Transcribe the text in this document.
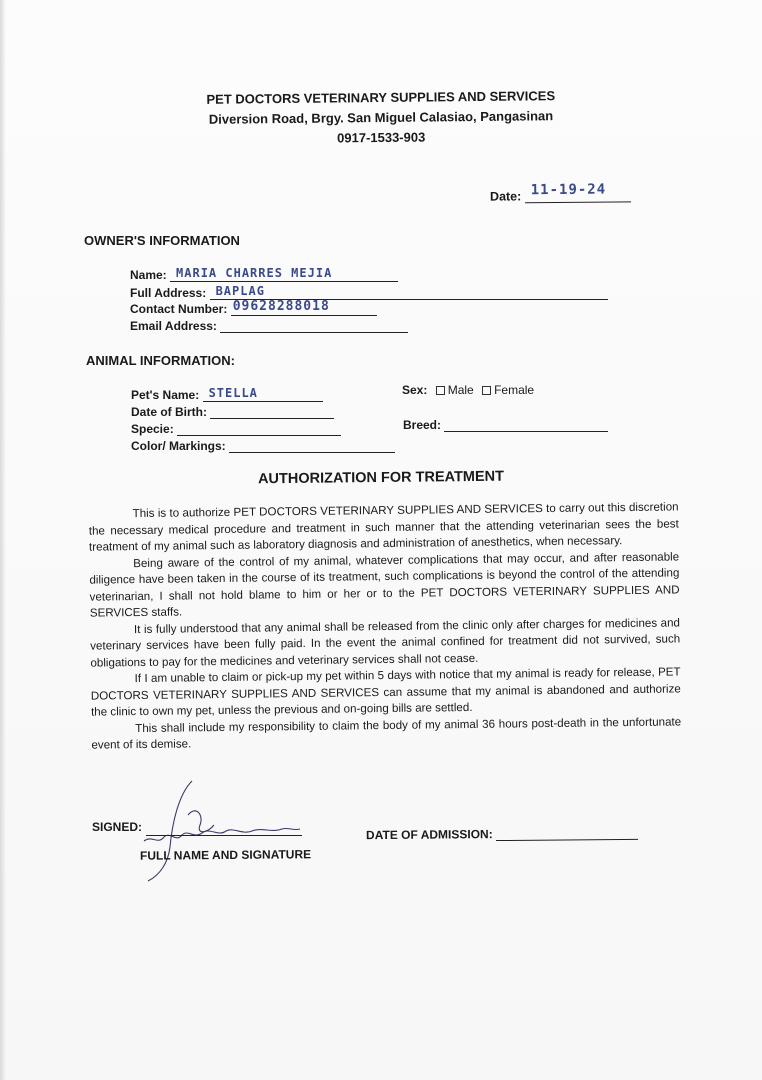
PET DOCTORS VETERINARY SUPPLIES AND SERVICES
Diversion Road, Brgy. San Miguel Calasiao, Pangasinan
0917-1533-903
Date: 11-19-24
OWNER'S INFORMATION
Name: MARIA CHARRES MEJIA
Full Address: BAPLAG
Contact Number: 09628288018
Email Address:
ANIMAL INFORMATION:
Pet's Name: STELLA
Date of Birth:
Specie:
Color/ Markings:
Sex: Male Female
Breed:
AUTHORIZATION FOR TREATMENT

This is to authorize PET DOCTORS VETERINARY SUPPLIES AND SERVICES to carry out this discretion the necessary medical procedure and treatment in such manner that the attending veterinarian sees the best treatment of my animal such as laboratory diagnosis and administration of anesthetics, when necessary.

Being aware of the control of my animal, whatever complications that may occur, and after reasonable diligence have been taken in the course of its treatment, such complications is beyond the control of the attending veterinarian, I shall not hold blame to him or her or to the PET DOCTORS VETERINARY SUPPLIES AND SERVICES staffs.

It is fully understood that any animal shall be released from the clinic only after charges for medicines and veterinary services have been fully paid. In the event the animal confined for treatment did not survived, such obligations to pay for the medicines and veterinary services shall not cease.

If I am unable to claim or pick-up my pet within 5 days with notice that my animal is ready for release, PET DOCTORS VETERINARY SUPPLIES AND SERVICES can assume that my animal is abandoned and authorize the clinic to own my pet, unless the previous and on-going bills are settled.

This shall include my responsibility to claim the body of my animal 36 hours post-death in the unfortunate event of its demise.

SIGNED:
FULL NAME AND SIGNATURE
DATE OF ADMISSION:
